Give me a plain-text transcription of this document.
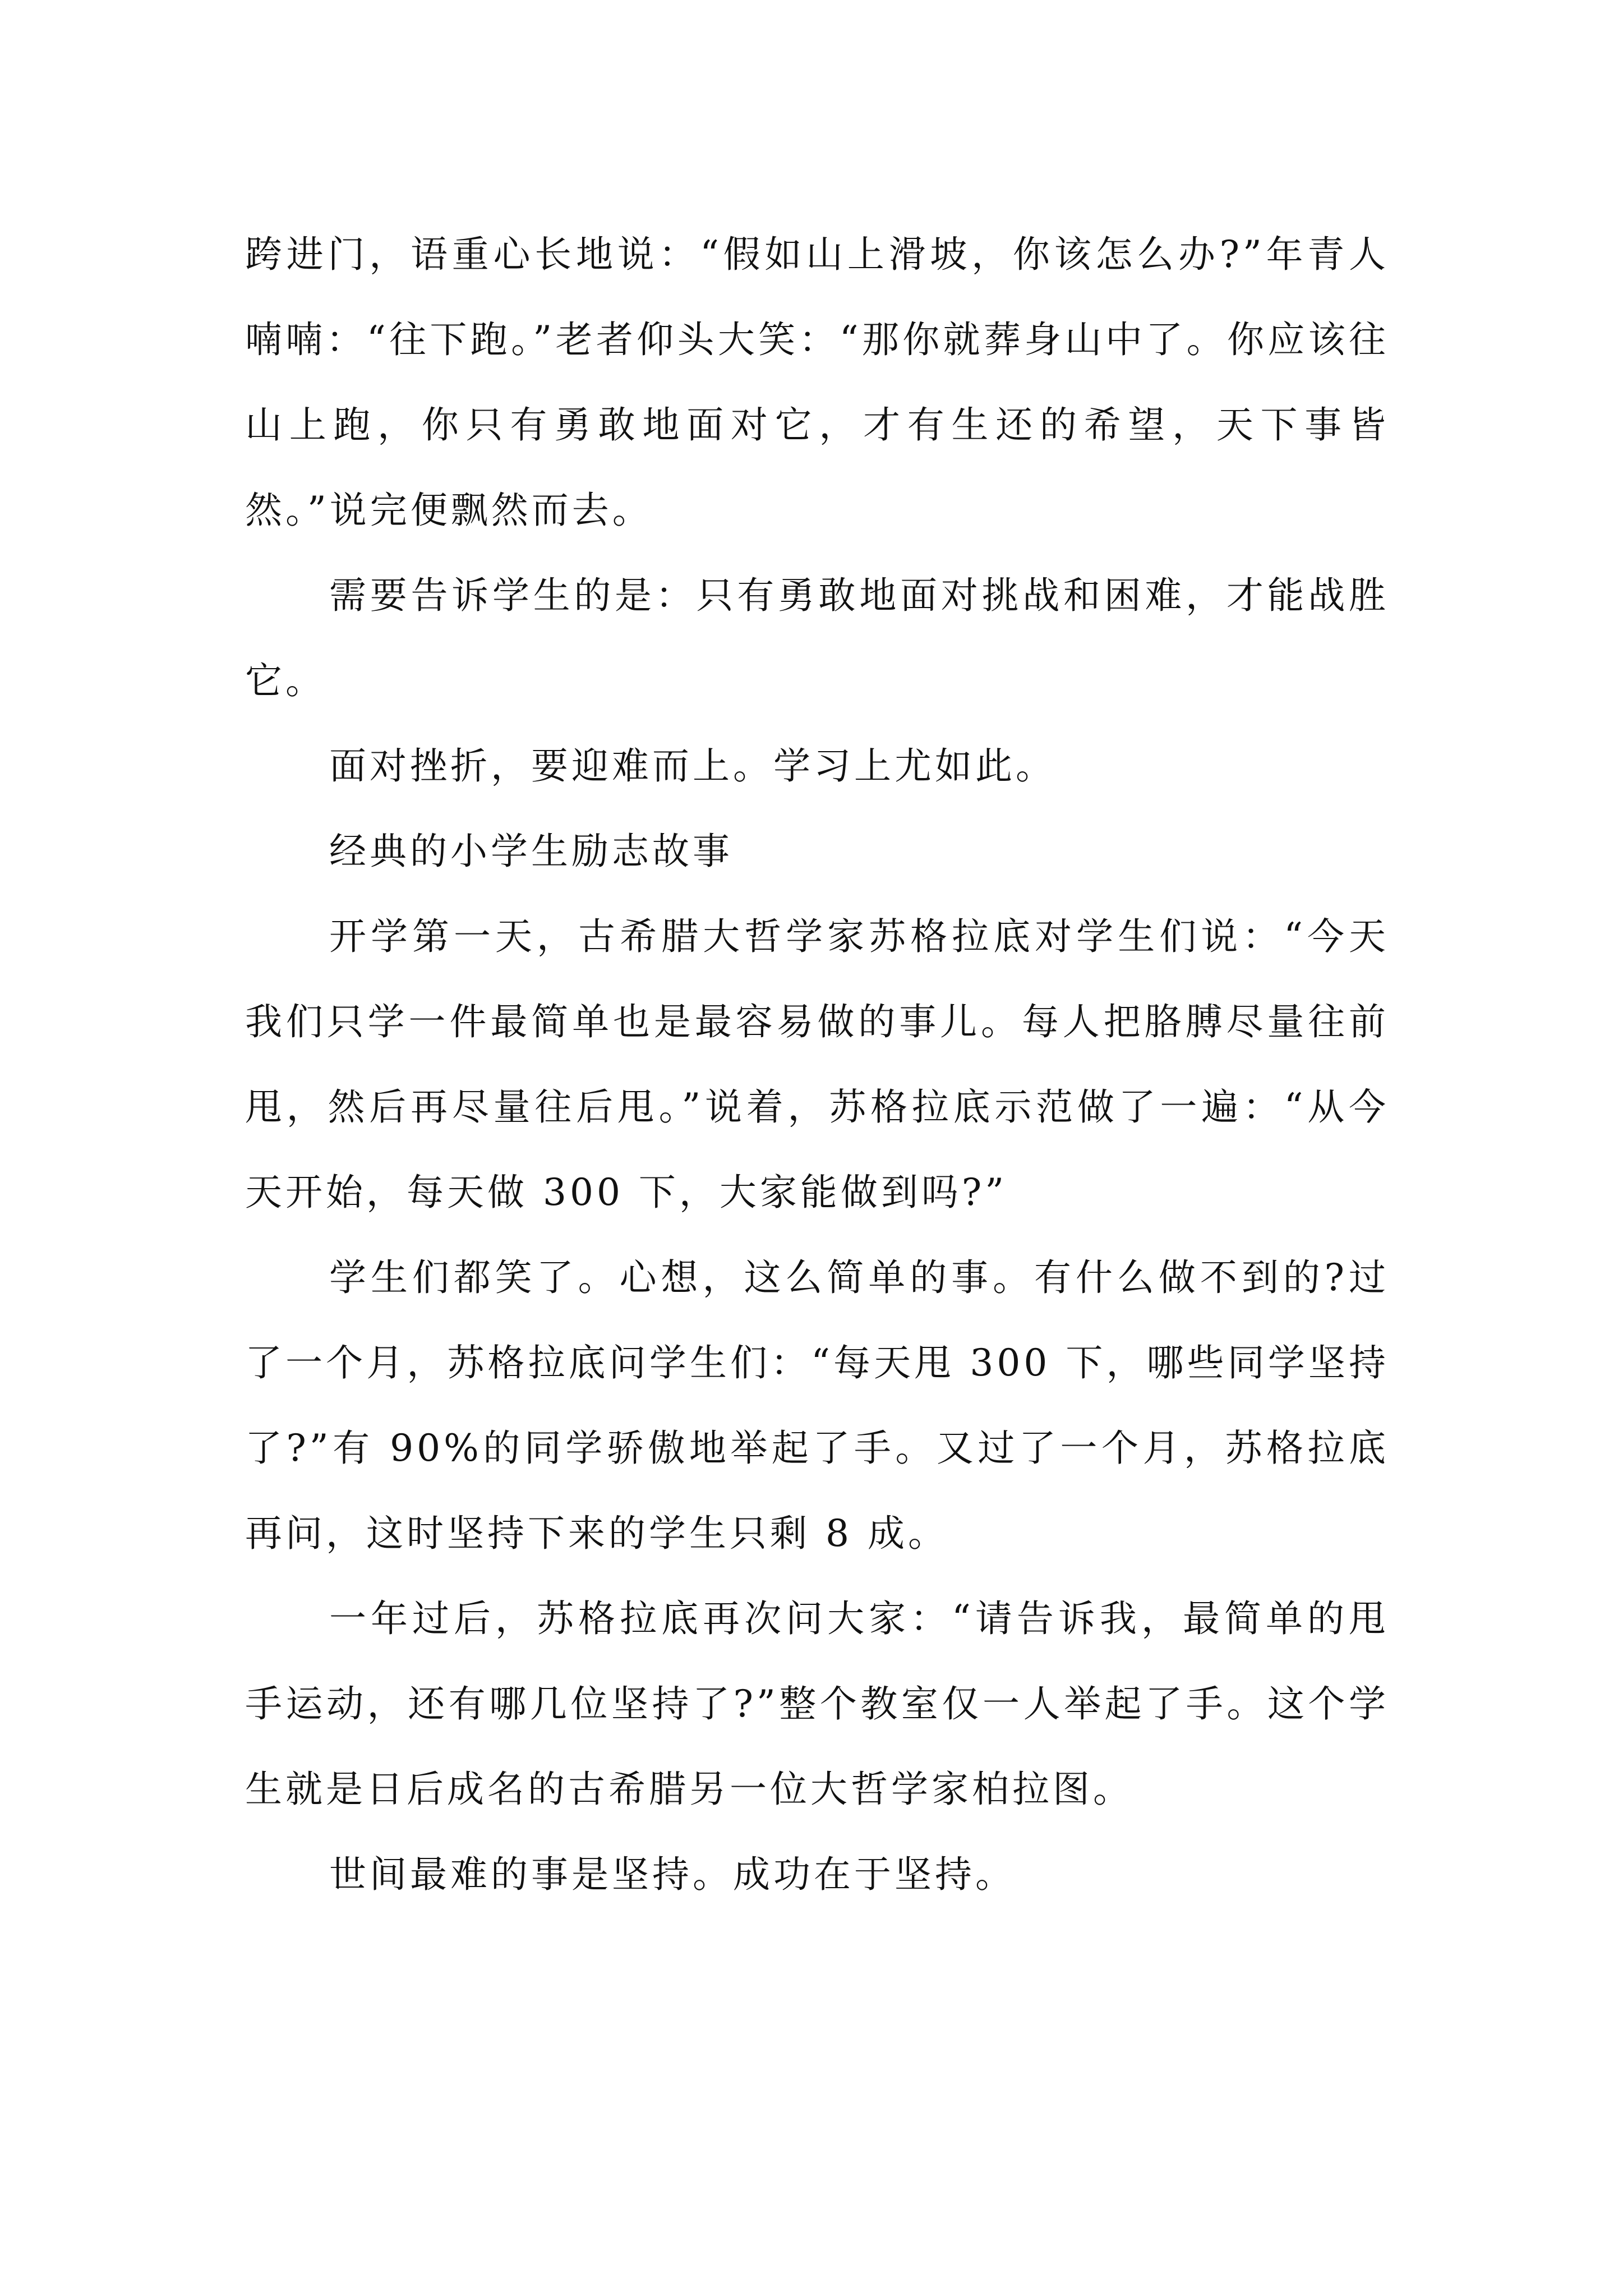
跨进门，语重心长地说：“假如山上滑坡，你该怎么办?”年青人喃喃：“往下跑。”老者仰头大笑：“那你就葬身山中了。你应该往山上跑，你只有勇敢地面对它，才有生还的希望，天下事皆然。”说完便飘然而去。

需要告诉学生的是：只有勇敢地面对挑战和困难，才能战胜它。

面对挫折，要迎难而上。学习上尤如此。

经典的小学生励志故事

开学第一天，古希腊大哲学家苏格拉底对学生们说：“今天我们只学一件最简单也是最容易做的事儿。每人把胳膊尽量往前甩，然后再尽量往后甩。”说着，苏格拉底示范做了一遍：“从今天开始，每天做 300 下，大家能做到吗?”

学生们都笑了。心想，这么简单的事。有什么做不到的?过了一个月，苏格拉底问学生们：“每天甩 300 下，哪些同学坚持了?”有 90%的同学骄傲地举起了手。又过了一个月，苏格拉底再问，这时坚持下来的学生只剩 8 成。

一年过后，苏格拉底再次问大家：“请告诉我，最简单的甩手运动，还有哪几位坚持了?”整个教室仅一人举起了手。这个学生就是日后成名的古希腊另一位大哲学家柏拉图。

世间最难的事是坚持。成功在于坚持。
